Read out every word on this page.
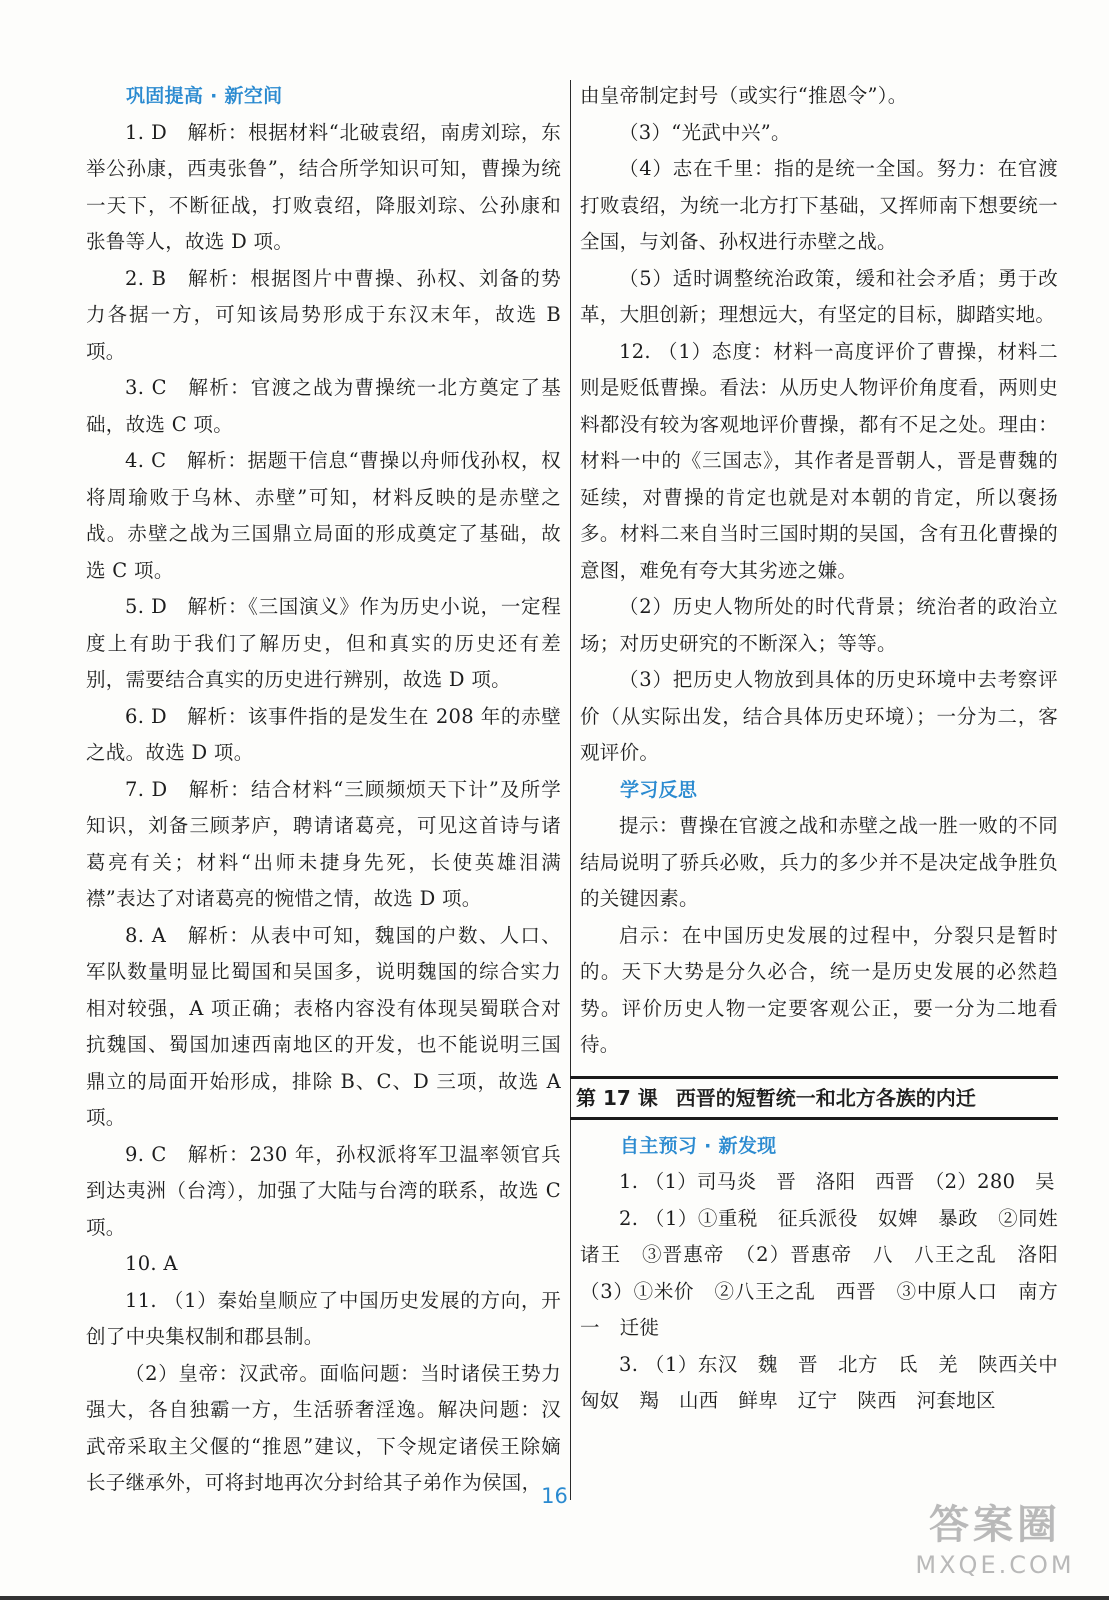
巩固提高 · 新空间

1. D　解析：根据材料“北破袁绍，南虏刘琮，东举公孙康，西夷张鲁”，结合所学知识可知，曹操为统一天下，不断征战，打败袁绍，降服刘琮、公孙康和张鲁等人，故选 D 项。

2. B　解析：根据图片中曹操、孙权、刘备的势力各据一方，可知该局势形成于东汉末年，故选 B 项。

3. C　解析：官渡之战为曹操统一北方奠定了基础，故选 C 项。

4. C　解析：据题干信息“曹操以舟师伐孙权，权将周瑜败于乌林、赤壁”可知，材料反映的是赤壁之战。赤壁之战为三国鼎立局面的形成奠定了基础，故选 C 项。

5. D　解析：《三国演义》作为历史小说，一定程度上有助于我们了解历史，但和真实的历史还有差别，需要结合真实的历史进行辨别，故选 D 项。

6. D　解析：该事件指的是发生在 208 年的赤壁之战。故选 D 项。

7. D　解析：结合材料“三顾频烦天下计”及所学知识，刘备三顾茅庐，聘请诸葛亮，可见这首诗与诸葛亮有关；材料“出师未捷身先死，长使英雄泪满襟”表达了对诸葛亮的惋惜之情，故选 D 项。

8. A　解析：从表中可知，魏国的户数、人口、军队数量明显比蜀国和吴国多，说明魏国的综合实力相对较强，A 项正确；表格内容没有体现吴蜀联合对抗魏国、蜀国加速西南地区的开发，也不能说明三国鼎立的局面开始形成，排除 B、C、D 三项，故选 A 项。

9. C　解析：230 年，孙权派将军卫温率领官兵到达夷洲（台湾），加强了大陆与台湾的联系，故选 C 项。

10. A

11. （1）秦始皇顺应了中国历史发展的方向，开创了中央集权制和郡县制。

（2）皇帝：汉武帝。面临问题：当时诸侯王势力强大，各自独霸一方，生活骄奢淫逸。解决问题：汉武帝采取主父偃的“推恩”建议，下令规定诸侯王除嫡长子继承外，可将封地再次分封给其子弟作为侯国，

由皇帝制定封号（或实行“推恩令”）。

（3）“光武中兴”。

（4）志在千里：指的是统一全国。努力：在官渡打败袁绍，为统一北方打下基础，又挥师南下想要统一全国，与刘备、孙权进行赤壁之战。

（5）适时调整统治政策，缓和社会矛盾；勇于改革，大胆创新；理想远大，有坚定的目标，脚踏实地。

12. （1）态度：材料一高度评价了曹操，材料二则是贬低曹操。看法：从历史人物评价角度看，两则史料都没有较为客观地评价曹操，都有不足之处。理由：材料一中的《三国志》，其作者是晋朝人，晋是曹魏的延续，对曹操的肯定也就是对本朝的肯定，所以褒扬多。材料二来自当时三国时期的吴国，含有丑化曹操的意图，难免有夸大其劣迹之嫌。

（2）历史人物所处的时代背景；统治者的政治立场；对历史研究的不断深入；等等。

（3）把历史人物放到具体的历史环境中去考察评价（从实际出发，结合具体历史环境）；一分为二，客观评价。

学习反思

提示：曹操在官渡之战和赤壁之战一胜一败的不同结局说明了骄兵必败，兵力的多少并不是决定战争胜负的关键因素。

启示：在中国历史发展的过程中，分裂只是暂时的。天下大势是分久必合，统一是历史发展的必然趋势。评价历史人物一定要客观公正，要一分为二地看待。

第 17 课 西晋的短暂统一和北方各族的内迁

自主预习 · 新发现

1. （1）司马炎　晋　洛阳　西晋　（2）280　吴

2. （1）①重税　征兵派役　奴婢　暴政　②同姓诸王　③晋惠帝　（2）晋惠帝　八　八王之乱　洛阳　（3）①米价　②八王之乱　西晋　③中原人口　南方　一　迁徙

3. （1）东汉　魏　晋　北方　氐　羌　陕西关中　匈奴　羯　山西　鲜卑　辽宁　陕西　河套地区

16
答案圈
MXQE.COM
